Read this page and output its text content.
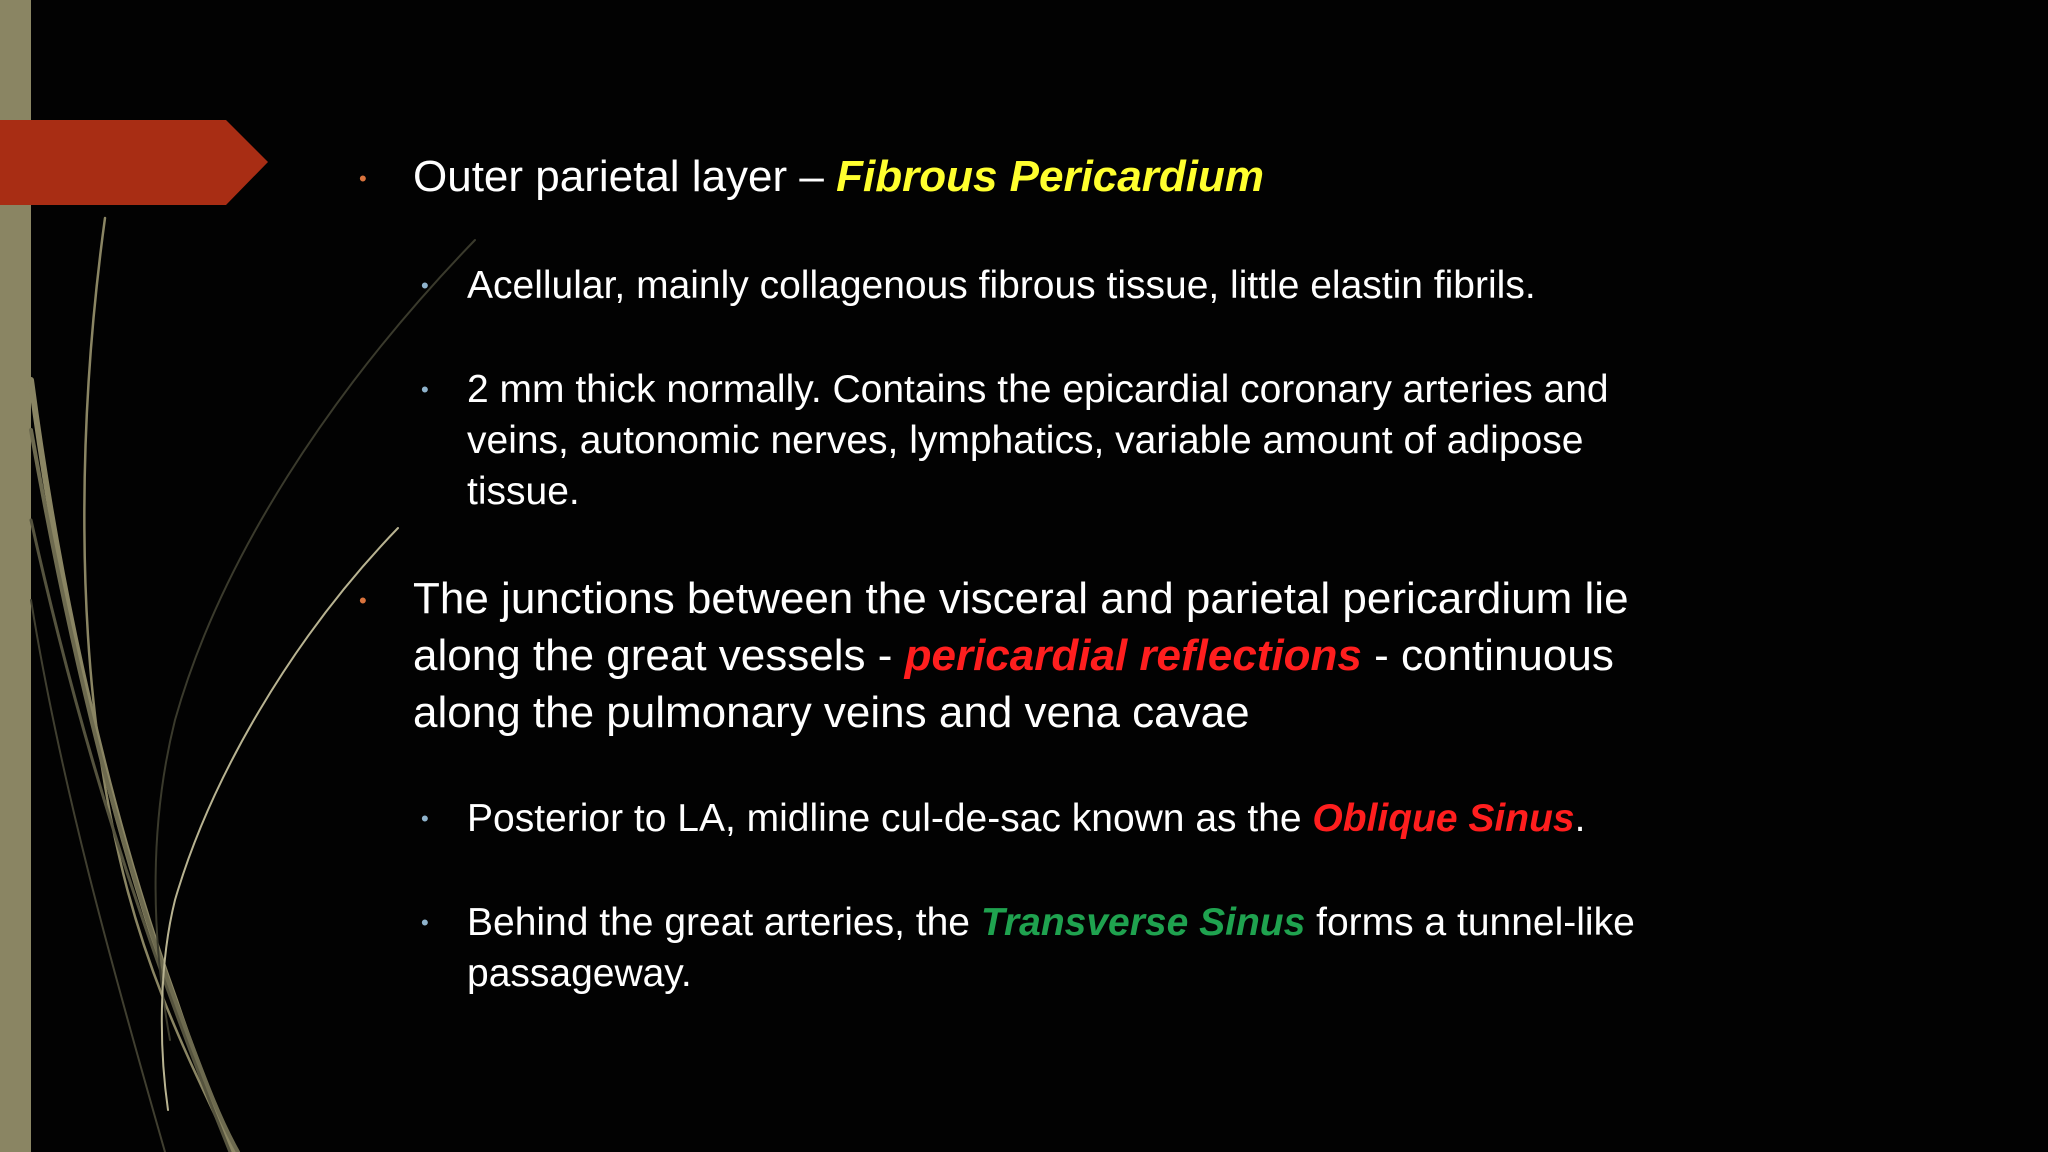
• Outer parietal layer – Fibrous Pericardium
• Acellular, mainly collagenous fibrous tissue, little elastin fibrils.
• 2 mm thick normally. Contains the epicardial coronary arteries and veins, autonomic nerves, lymphatics, variable amount of adipose tissue.
• The junctions between the visceral and parietal pericardium lie along the great vessels - pericardial reflections - continuous along the pulmonary veins and vena cavae
• Posterior to LA, midline cul-de-sac known as the Oblique Sinus.
• Behind the great arteries, the Transverse Sinus forms a tunnel-like passageway.
